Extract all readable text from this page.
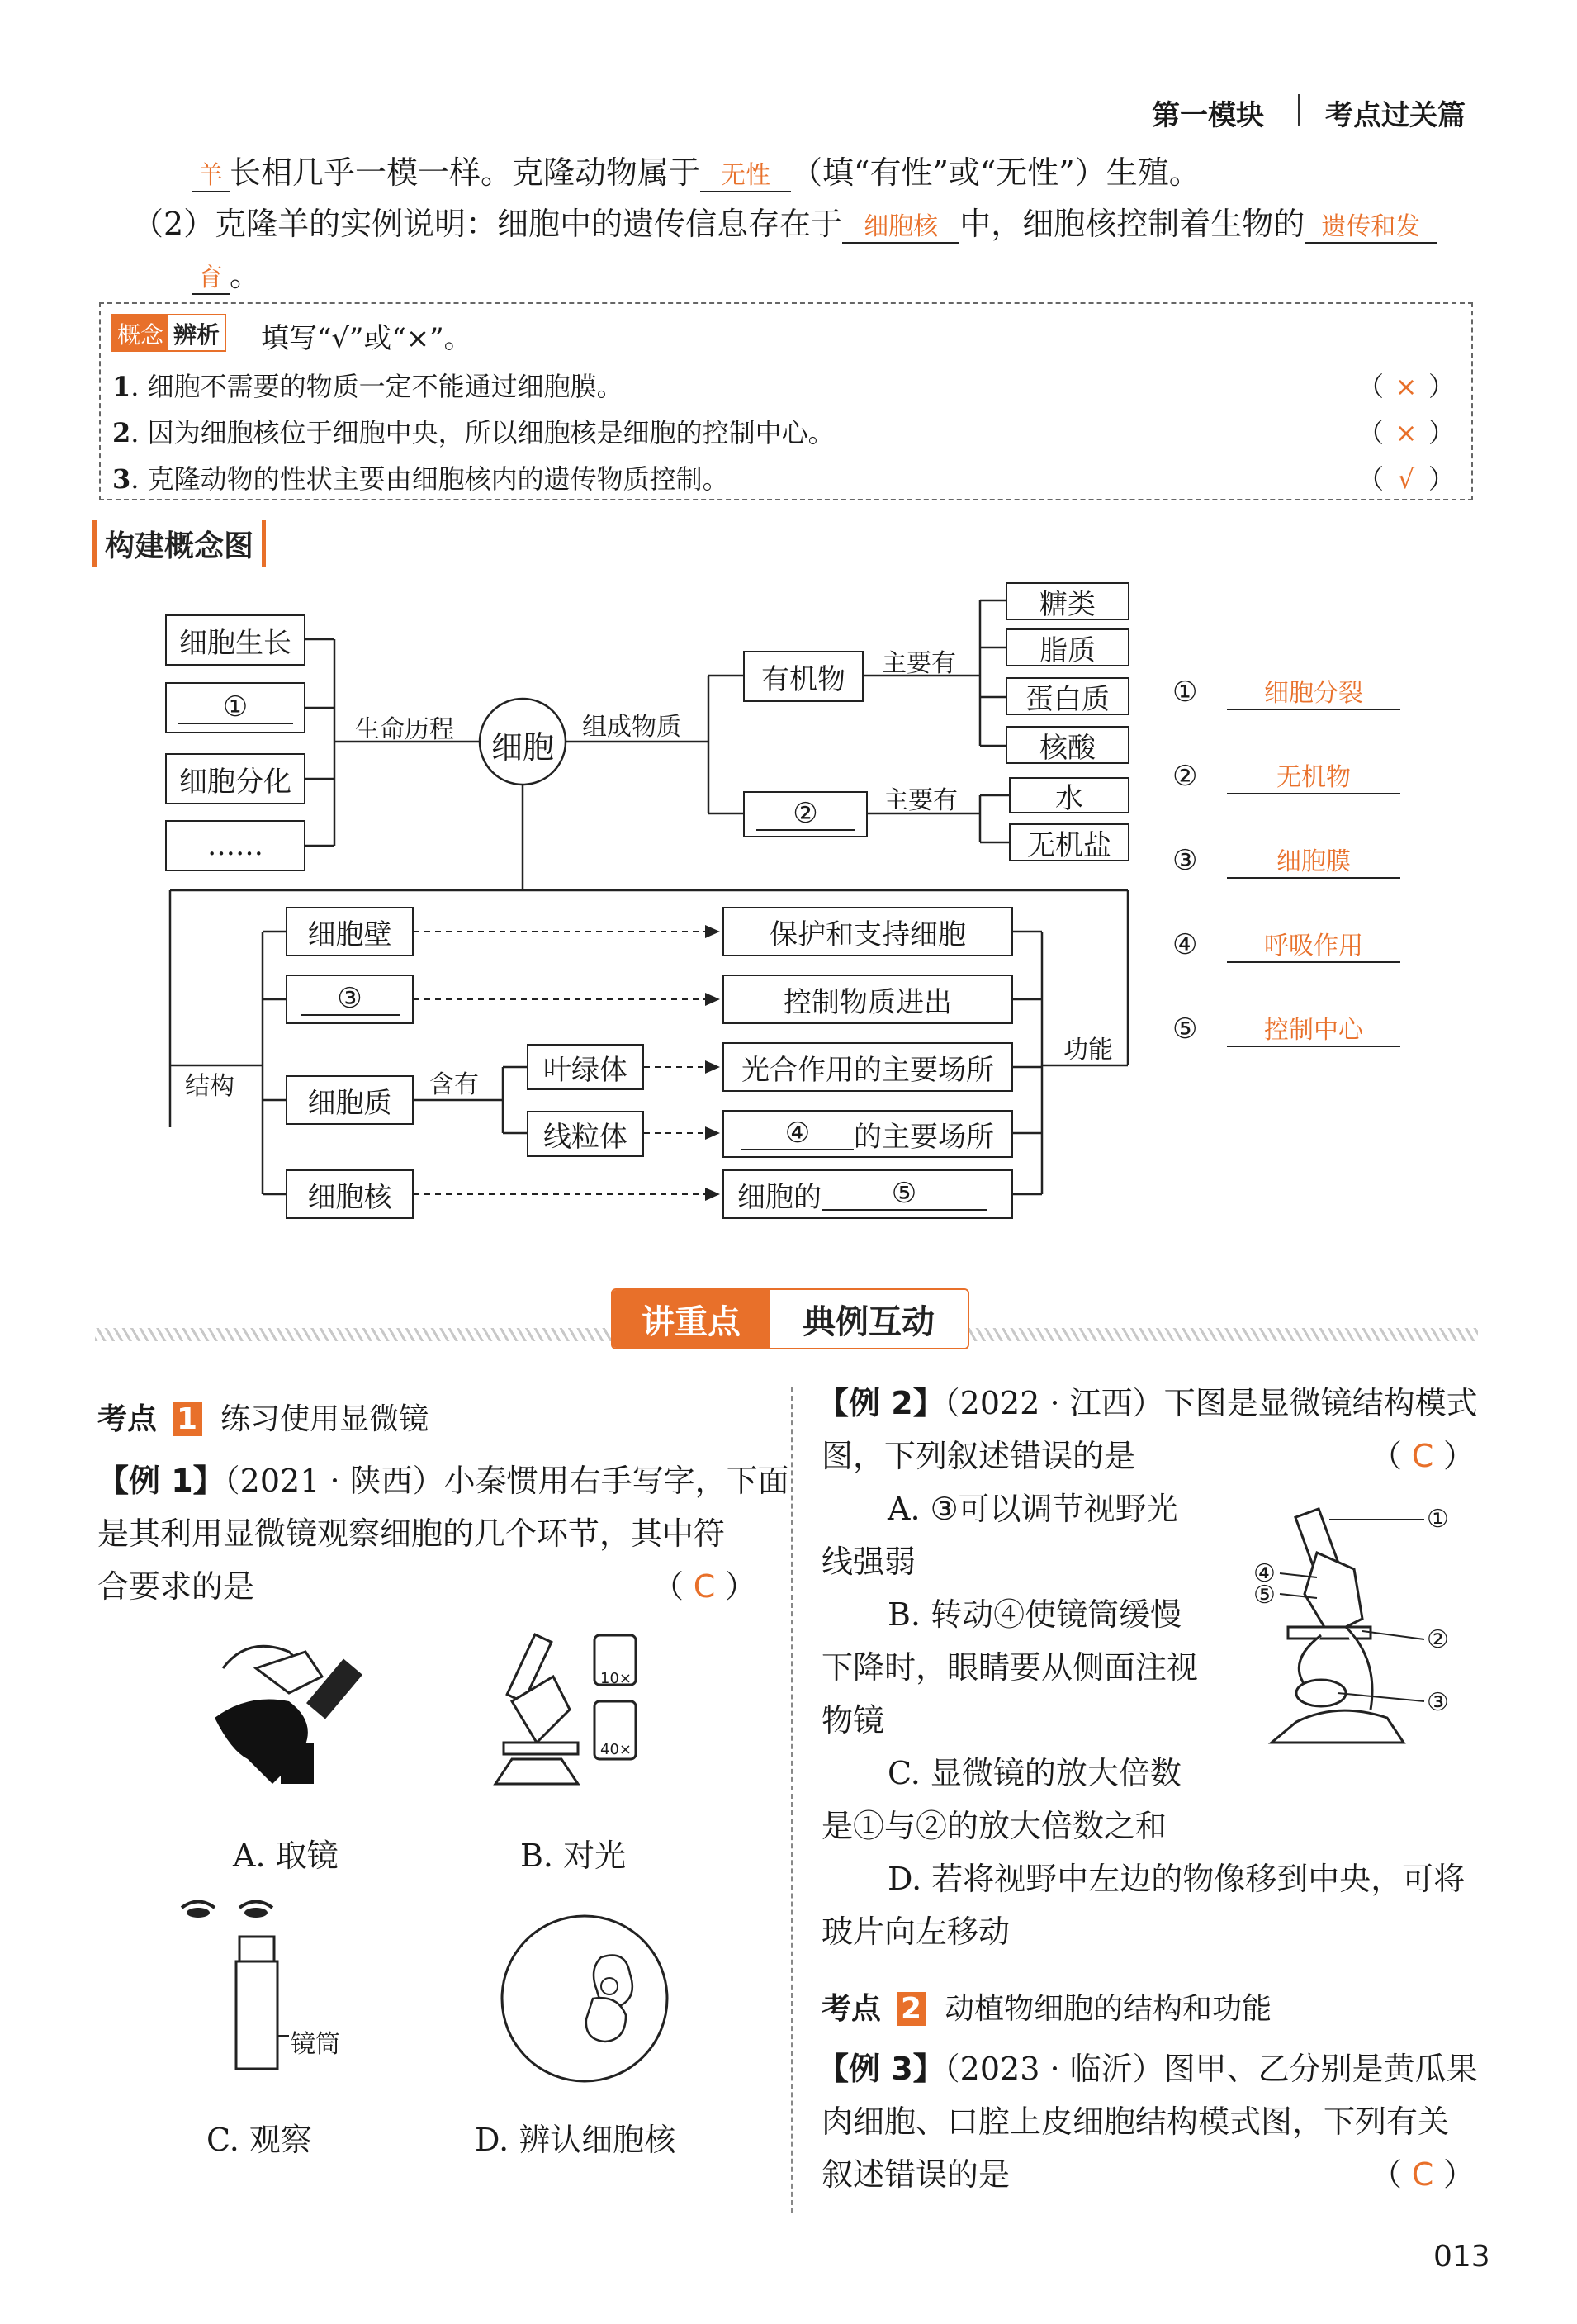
第一模块 考点过关篇
羊 长相几乎一模一样。克隆动物属于 无性 （填“有性”或“无性”）生殖。
（2）克隆羊的实例说明：细胞中的遗传信息存在于 细胞核 中，细胞核控制着生物的 遗传和发
育 。
概念 辨析 填写“√”或“×”。
1. 细胞不需要的物质一定不能通过细胞膜。	（ × ）
2. 因为细胞核位于细胞中央，所以细胞核是细胞的控制中心。	（ × ）
3. 克隆动物的性状主要由细胞核内的遗传物质控制。	（ √ ）
构建概念图
细胞生长
①
细胞分化
……
生命历程	细胞
组成物质
有机物	主要有
糖类
脂质
蛋白质
核酸
②	主要有	水
无机盐
结构
细胞壁
③
细胞质
细胞核
含有	叶绿体
线粒体
保护和支持细胞
控制物质进出
光合作用的主要场所
④	的主要场所
细胞的	⑤
功能
①	细胞分裂
②	无机物
③	细胞膜
④	呼吸作用
⑤	控制中心
讲重点	典例互动
考点 1 练习使用显微镜
【例 1】（2021 · 陕西）小秦惯用右手写字，下面
是其利用显微镜观察细胞的几个环节，其中符
合要求的是	（ C ）
10×
40×
A. 取镜	B. 对光
镜筒
C. 观察	D. 辨认细胞核
【例 2】（2022 · 江西）下图是显微镜结构模式
图，下列叙述错误的是	（ C ）
A. ③可以调节视野光
线强弱
B. 转动④使镜筒缓慢
下降时，眼睛要从侧面注视
物镜
C. 显微镜的放大倍数
是①与②的放大倍数之和
D. 若将视野中左边的物像移到中央，可将
玻片向左移动
①
②
③
④
⑤
考点 2 动植物细胞的结构和功能
【例 3】（2023 · 临沂）图甲、乙分别是黄瓜果
肉细胞、口腔上皮细胞结构模式图，下列有关
叙述错误的是	（ C ）
013
